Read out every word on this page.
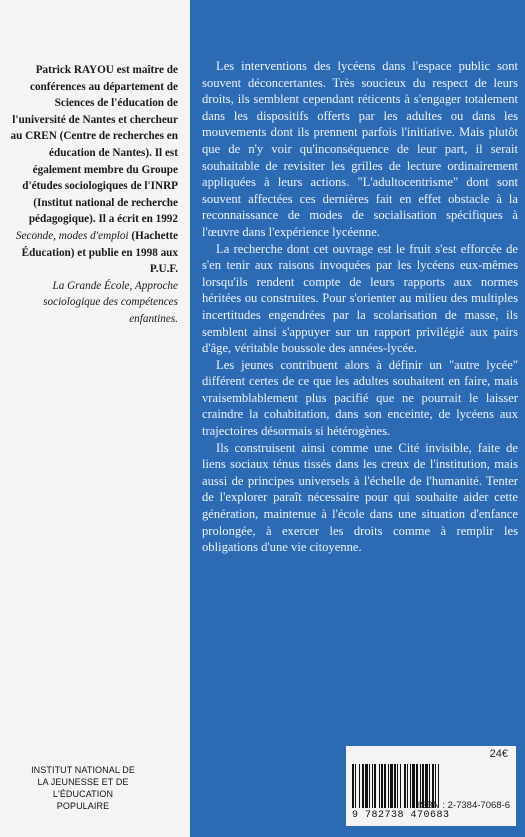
Patrick RAYOU est maître de conférences au département de Sciences de l'éducation de l'université de Nantes et chercheur au CREN (Centre de recherches en éducation de Nantes). Il est également membre du Groupe d'études sociologiques de l'INRP (Institut national de recherche pédagogique). Il a écrit en 1992
Seconde, modes d'emploi (Hachette Éducation) et publie en 1998 aux P.U.F.
La Grande École, Approche sociologique des compétences enfantines.
INSTITUT NATIONAL DE LA JEUNESSE ET DE L'ÉDUCATION POPULAIRE

Les interventions des lycéens dans l'espace public sont souvent déconcertantes. Très soucieux du respect de leurs droits, ils semblent cependant réticents à s'engager totalement dans les dispositifs offerts par les adultes ou dans les mouvements dont ils prennent parfois l'initiative. Mais plutôt que de n'y voir qu'inconséquence de leur part, il serait souhaitable de revisiter les grilles de lecture ordinairement appliquées à leurs actions. "L'adultocentrisme" dont sont souvent affectées ces dernières fait en effet obstacle à la reconnaissance de modes de socialisation spécifiques à l'œuvre dans l'expérience lycéenne.

La recherche dont cet ouvrage est le fruit s'est efforcée de s'en tenir aux raisons invoquées par les lycéens eux-mêmes lorsqu'ils rendent compte de leurs rapports aux normes héritées ou construites. Pour s'orienter au milieu des multiples incertitudes engendrées par la scolarisation de masse, ils semblent ainsi s'appuyer sur un rapport privilégié aux pairs d'âge, véritable boussole des années-lycée.

Les jeunes contribuent alors à définir un "autre lycée" différent certes de ce que les adultes souhaitent en faire, mais vraisemblablement plus pacifié que ne pourrait le laisser craindre la cohabitation, dans son enceinte, de lycéens aux trajectoires désormais si hétérogènes.

Ils construisent ainsi comme une Cité invisible, faite de liens sociaux ténus tissés dans les creux de l'institution, mais aussi de principes universels à l'échelle de l'humanité. Tenter de l'explorer paraît nécessaire pour qui souhaite aider cette génération, maintenue à l'école dans une situation d'enfance prolongée, à exercer les droits comme à remplir les obligations d'une vie citoyenne.

24€
ISBN : 2-7384-7068-6
9 782738 470683
